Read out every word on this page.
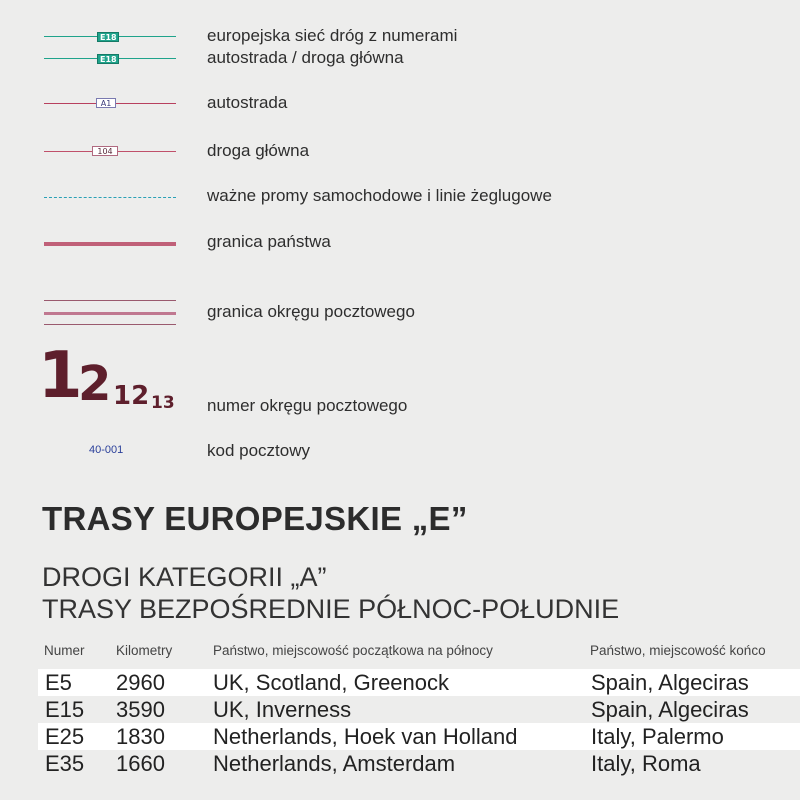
E18	europejska sieć dróg z numerami
E18	autostrada / droga główna
A1	autostrada
104	droga główna
ważne promy samochodowe i linie żeglugowe
granica państwa
granica okręgu pocztowego
1
2 12 13 numer okręgu pocztowego
40-001	kod pocztowy
TRASY EUROPEJSKIE „E”
DROGI KATEGORII „A”
TRASY BEZPOŚREDNIE PÓŁNOC-POŁUDNIE
Numer Kilometry	Państwo, miejscowość początkowa na północy	Państwo, miejscowość końco
E5 2960 UK, Scotland, Greenock	Spain, Algeciras
E15 3590 UK, Inverness	Spain, Algeciras
E25 1830 Netherlands, Hoek van Holland	Italy, Palermo
E35 1660 Netherlands, Amsterdam	Italy, Roma
